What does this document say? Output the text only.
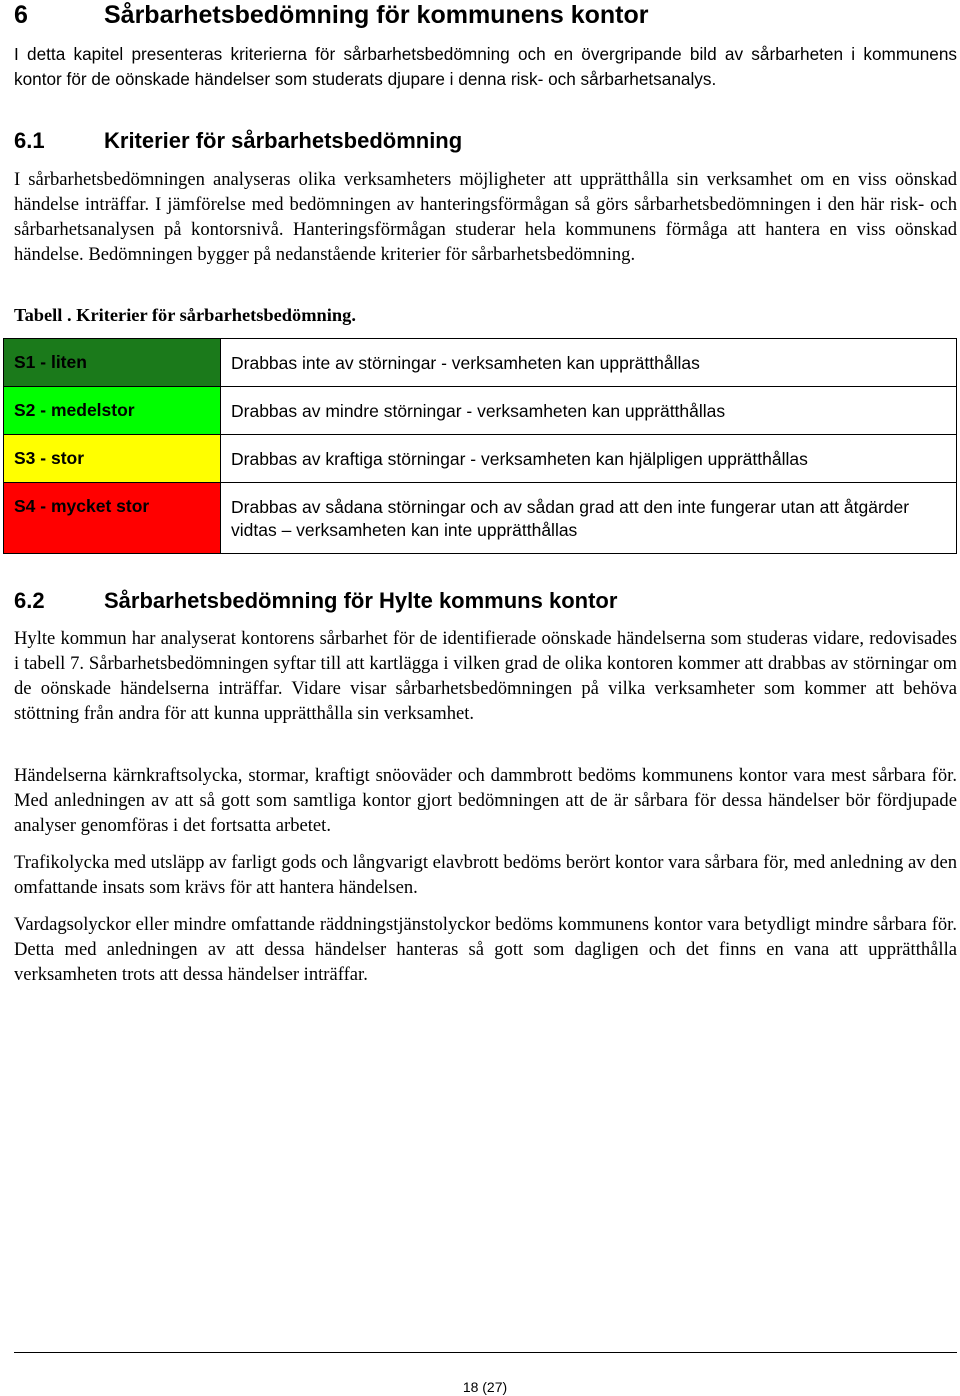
6	Sårbarhetsbedömning för kommunens kontor

I detta kapitel presenteras kriterierna för sårbarhetsbedömning och en övergripande bild av sårbarheten i kommunens kontor för de oönskade händelser som studerats djupare i denna risk- och sårbarhetsanalys.

6.1	Kriterier för sårbarhetsbedömning

I sårbarhetsbedömningen analyseras olika verksamheters möjligheter att upprätthålla sin verksamhet om en viss oönskad händelse inträffar. I jämförelse med bedömningen av hanteringsförmågan så görs sårbarhetsbedömningen i den här risk- och sårbarhetsanalysen på kontorsnivå. Hanteringsförmågan studerar hela kommunens förmåga att hantera en viss oönskad händelse. Bedömningen bygger på nedanstående kriterier för sårbarhetsbedömning.

Tabell . Kriterier för sårbarhetsbedömning.
S1 - liten	Drabbas inte av störningar - verksamheten kan upprätthållas
S2 - medelstor	Drabbas av mindre störningar - verksamheten kan upprätthållas
S3 - stor	Drabbas av kraftiga störningar - verksamheten kan hjälpligen upprätthållas
S4 - mycket stor	Drabbas av sådana störningar och av sådan grad att den inte fungerar utan att åtgärder vidtas – verksamheten kan inte upprätthållas
6.2	Sårbarhetsbedömning för Hylte kommuns kontor

Hylte kommun har analyserat kontorens sårbarhet för de identifierade oönskade händelserna som studeras vidare, redovisades i tabell 7. Sårbarhetsbedömningen syftar till att kartlägga i vilken grad de olika kontoren kommer att drabbas av störningar om de oönskade händelserna inträffar. Vidare visar sårbarhetsbedömningen på vilka verksamheter som kommer att behöva stöttning från andra för att kunna upprätthålla sin verksamhet.

Händelserna kärnkraftsolycka, stormar, kraftigt snöoväder och dammbrott bedöms kommunens kontor vara mest sårbara för. Med anledningen av att så gott som samtliga kontor gjort bedömningen att de är sårbara för dessa händelser bör fördjupade analyser genomföras i det fortsatta arbetet.

Trafikolycka med utsläpp av farligt gods och långvarigt elavbrott bedöms berört kontor vara sårbara för, med anledning av den omfattande insats som krävs för att hantera händelsen.

Vardagsolyckor eller mindre omfattande räddningstjänstolyckor bedöms kommunens kontor vara betydligt mindre sårbara för. Detta med anledningen av att dessa händelser hanteras så gott som dagligen och det finns en vana att upprätthålla verksamheten trots att dessa händelser inträffar.

18 (27)
